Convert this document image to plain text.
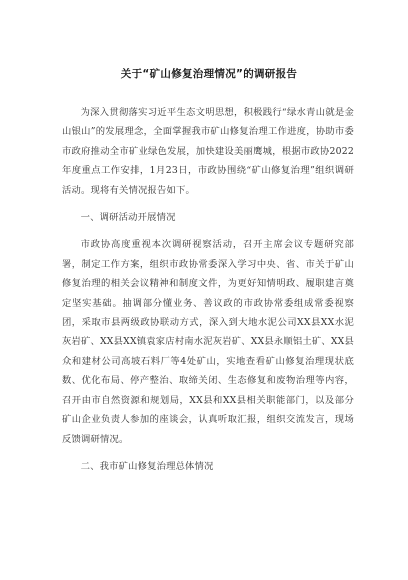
关于“矿山修复治理情况”的调研报告

为深入贯彻落实习近平生态文明思想，积极践行“绿水青山就是金山银山”的发展理念，全面掌握我市矿山修复治理工作进度，协助市委市政府推动全市矿业绿色发展，加快建设美丽鹰城，根据市政协2022年度重点工作安排，1月23日，市政协围绕“矿山修复治理”组织调研活动。现将有关情况报告如下。

一、调研活动开展情况

市政协高度重视本次调研视察活动，召开主席会议专题研究部署，制定工作方案，组织市政协常委深入学习中央、省、市关于矿山修复治理的相关会议精神和制度文件，为更好知情明政、履职建言奠定坚实基础。抽调部分懂业务、善议政的市政协常委组成常委视察团，采取市县两级政协联动方式，深入到大地水泥公司XX县XX水泥灰岩矿、XX县XX镇袁家店村南水泥灰岩矿、XX县永顺铝土矿、XX县众和建材公司高坡石料厂等4处矿山，实地查看矿山修复治理现状底数、优化布局、停产整治、取缔关闭、生态修复和废物治理等内容，召开由市自然资源和规划局，XX县和XX县相关职能部门，以及部分矿山企业负责人参加的座谈会，认真听取汇报，组织交流发言，现场反馈调研情况。

二、我市矿山修复治理总体情况
